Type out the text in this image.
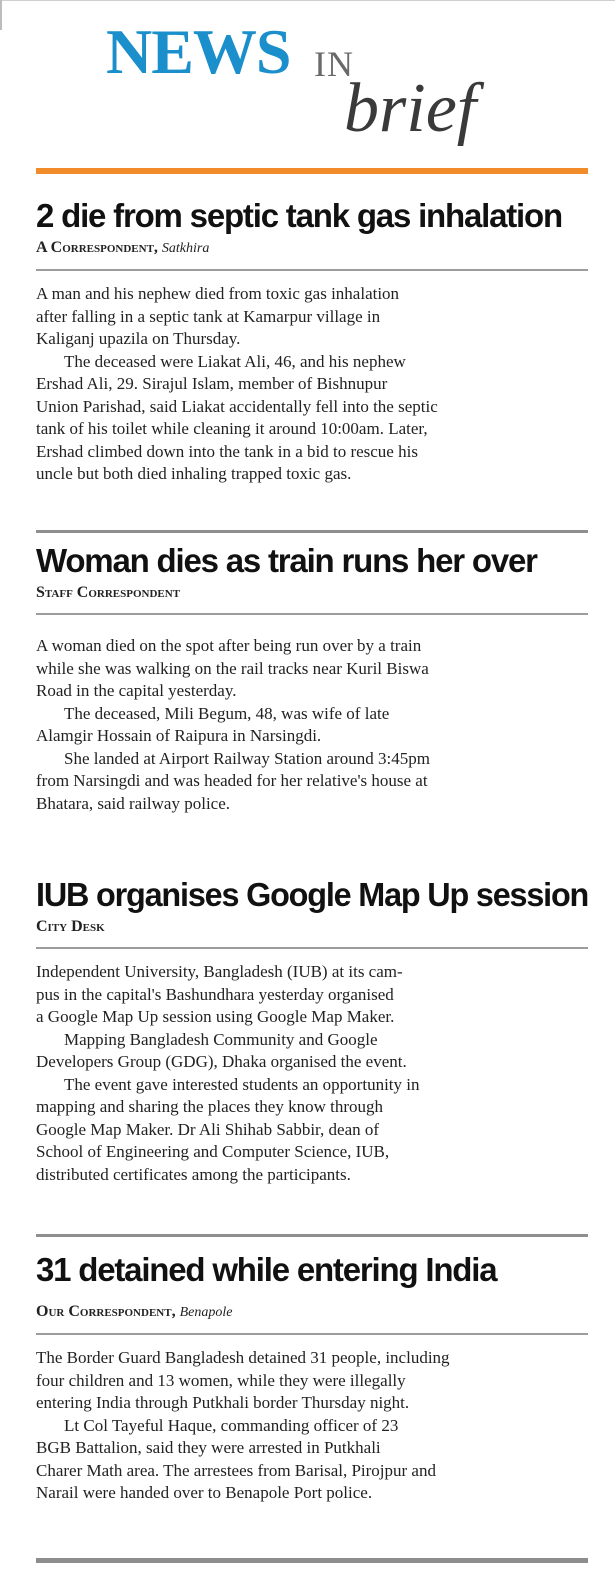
NEWS IN
brief
2 die from septic tank gas inhalation
A Correspondent, Satkhira

A man and his nephew died from toxic gas inhalation
after falling in a septic tank at Kamarpur village in
Kaliganj upazila on Thursday.

The deceased were Liakat Ali, 46, and his nephew
Ershad Ali, 29. Sirajul Islam, member of Bishnupur
Union Parishad, said Liakat accidentally fell into the septic
tank of his toilet while cleaning it around 10:00am. Later,
Ershad climbed down into the tank in a bid to rescue his
uncle but both died inhaling trapped toxic gas.

Woman dies as train runs her over
Staff Correspondent

A woman died on the spot after being run over by a train
while she was walking on the rail tracks near Kuril Biswa
Road in the capital yesterday.

The deceased, Mili Begum, 48, was wife of late
Alamgir Hossain of Raipura in Narsingdi.

She landed at Airport Railway Station around 3:45pm
from Narsingdi and was headed for her relative's house at
Bhatara, said railway police.

IUB organises Google Map Up session
City Desk

Independent University, Bangladesh (IUB) at its cam-
pus in the capital's Bashundhara yesterday organised
a Google Map Up session using Google Map Maker.

Mapping Bangladesh Community and Google
Developers Group (GDG), Dhaka organised the event.

The event gave interested students an opportunity in
mapping and sharing the places they know through
Google Map Maker. Dr Ali Shihab Sabbir, dean of
School of Engineering and Computer Science, IUB,
distributed certificates among the participants.

31 detained while entering India
Our Correspondent, Benapole

The Border Guard Bangladesh detained 31 people, including
four children and 13 women, while they were illegally
entering India through Putkhali border Thursday night.

Lt Col Tayeful Haque, commanding officer of 23
BGB Battalion, said they were arrested in Putkhali
Charer Math area. The arrestees from Barisal, Pirojpur and
Narail were handed over to Benapole Port police.
